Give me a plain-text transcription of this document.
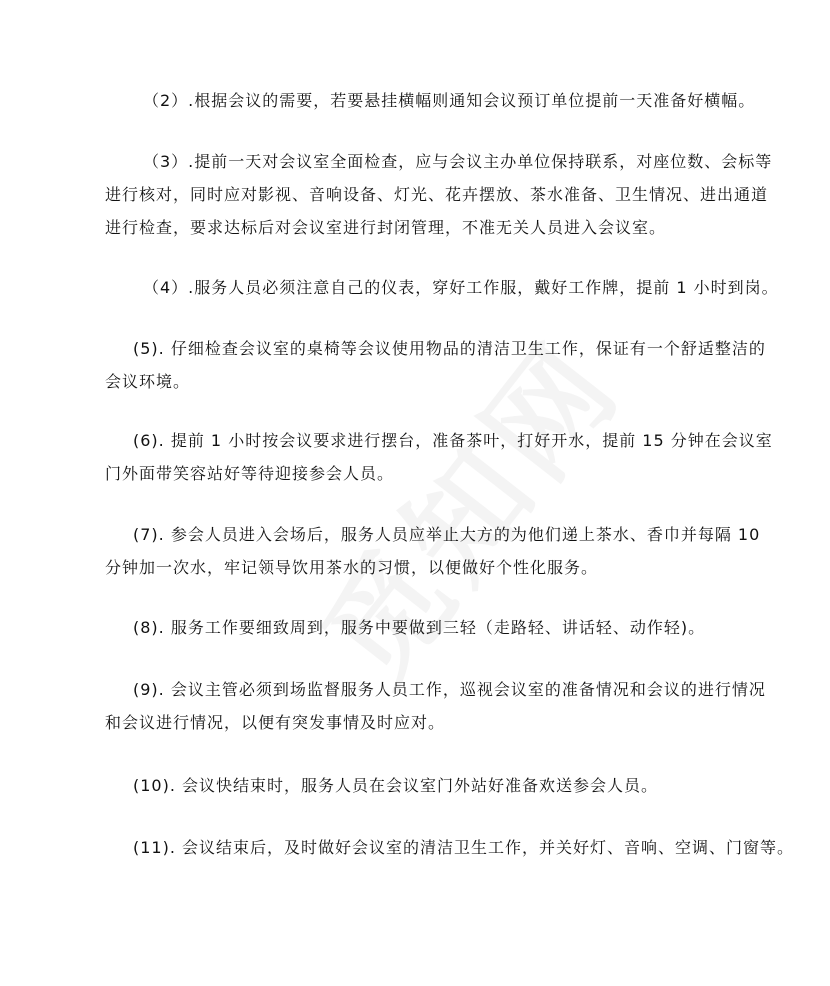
（2）.根据会议的需要，若要悬挂横幅则通知会议预订单位提前一天准备好横幅。
（3）.提前一天对会议室全面检查，应与会议主办单位保持联系，对座位数、会标等
进行核对，同时应对影视、音响设备、灯光、花卉摆放、茶水准备、卫生情况、进出通道
进行检查，要求达标后对会议室进行封闭管理，不准无关人员进入会议室。
（4）.服务人员必须注意自己的仪表，穿好工作服，戴好工作牌，提前 1 小时到岗。
(5). 仔细检查会议室的桌椅等会议使用物品的清洁卫生工作，保证有一个舒适整洁的
会议环境。
(6). 提前 1 小时按会议要求进行摆台，准备茶叶，打好开水，提前 15 分钟在会议室
门外面带笑容站好等待迎接参会人员。
(7). 参会人员进入会场后，服务人员应举止大方的为他们递上茶水、香巾并每隔 10
分钟加一次水，牢记领导饮用茶水的习惯，以便做好个性化服务。
(8). 服务工作要细致周到，服务中要做到三轻（走路轻、讲话轻、动作轻)。
(9). 会议主管必须到场监督服务人员工作，巡视会议室的准备情况和会议的进行情况
和会议进行情况，以便有突发事情及时应对。
(10). 会议快结束时，服务人员在会议室门外站好准备欢送参会人员。
(11). 会议结束后，及时做好会议室的清洁卫生工作，并关好灯、音响、空调、门窗等。
